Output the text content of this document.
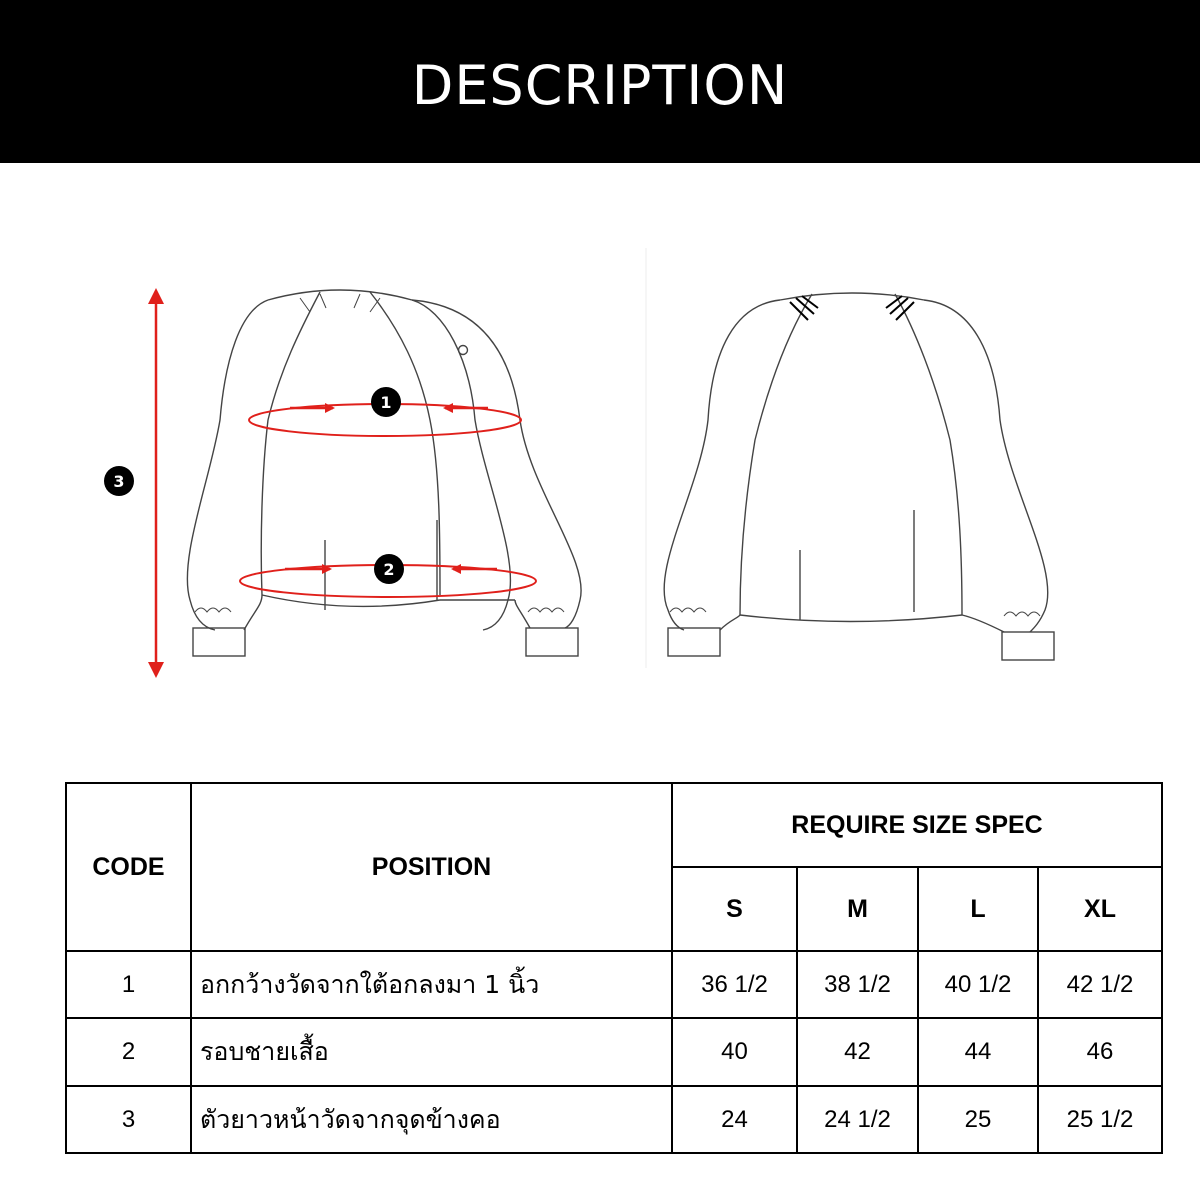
DESCRIPTION
1
2
3
CODE	POSITION	REQUIRE SIZE SPEC			
		S	M	L	XL
1	อกกว้างวัดจากใต้อกลงมา 1 นิ้ว	36 1/2	38 1/2	40 1/2	42 1/2
2	รอบชายเสื้อ	40	42	44	46
3	ตัวยาวหน้าวัดจากจุดข้างคอ	24	24 1/2	25	25 1/2
